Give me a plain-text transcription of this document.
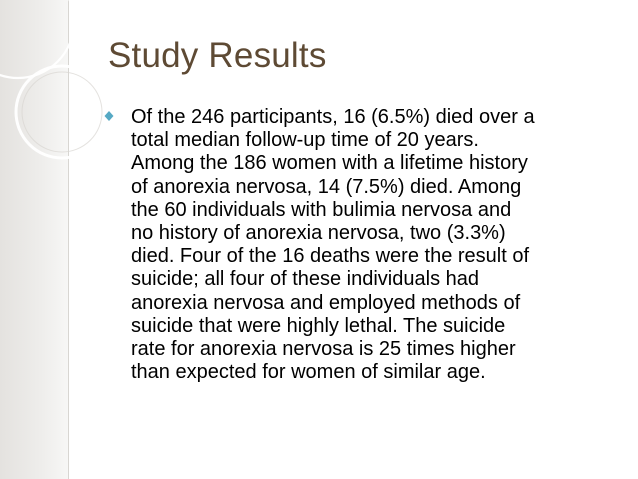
Study Results

Of the 246 participants, 16 (6.5%) died over a
total median follow-up time of 20 years.
Among the 186 women with a lifetime history
of anorexia nervosa, 14 (7.5%) died. Among
the 60 individuals with bulimia nervosa and
no history of anorexia nervosa, two (3.3%)
died. Four of the 16 deaths were the result of
suicide; all four of these individuals had
anorexia nervosa and employed methods of
suicide that were highly lethal. The suicide
rate for anorexia nervosa is 25 times higher
than expected for women of similar age.
